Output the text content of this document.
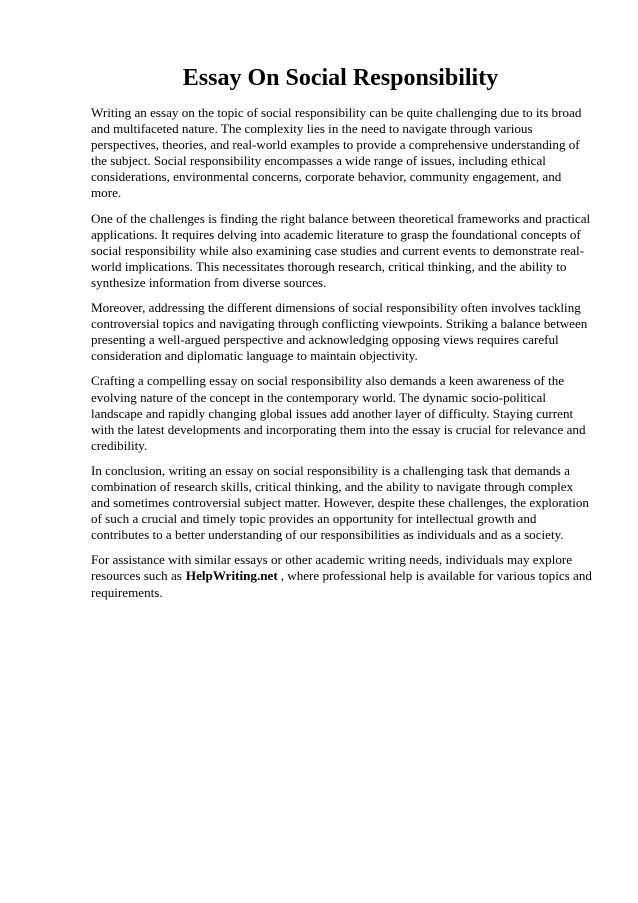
Essay On Social Responsibility

Writing an essay on the topic of social responsibility can be quite challenging due to its broad and multifaceted nature. The complexity lies in the need to navigate through various perspectives, theories, and real-world examples to provide a comprehensive understanding of the subject. Social responsibility encompasses a wide range of issues, including ethical considerations, environmental concerns, corporate behavior, community engagement, and more.

One of the challenges is finding the right balance between theoretical frameworks and practical applications. It requires delving into academic literature to grasp the foundational concepts of social responsibility while also examining case studies and current events to demonstrate real-world implications. This necessitates thorough research, critical thinking, and the ability to synthesize information from diverse sources.

Moreover, addressing the different dimensions of social responsibility often involves tackling controversial topics and navigating through conflicting viewpoints. Striking a balance between presenting a well-argued perspective and acknowledging opposing views requires careful consideration and diplomatic language to maintain objectivity.

Crafting a compelling essay on social responsibility also demands a keen awareness of the evolving nature of the concept in the contemporary world. The dynamic socio-political landscape and rapidly changing global issues add another layer of difficulty. Staying current with the latest developments and incorporating them into the essay is crucial for relevance and credibility.

In conclusion, writing an essay on social responsibility is a challenging task that demands a combination of research skills, critical thinking, and the ability to navigate through complex and sometimes controversial subject matter. However, despite these challenges, the exploration of such a crucial and timely topic provides an opportunity for intellectual growth and contributes to a better understanding of our responsibilities as individuals and as a society.

For assistance with similar essays or other academic writing needs, individuals may explore resources such as HelpWriting.net , where professional help is available for various topics and requirements.
